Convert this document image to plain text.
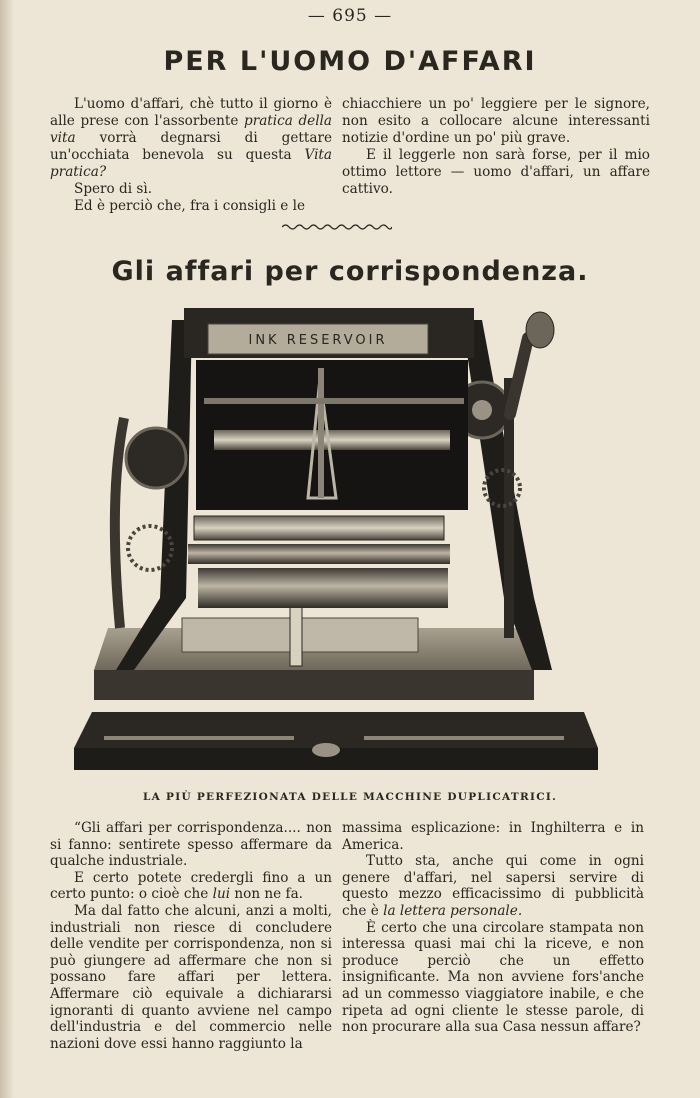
— 695 —
PER L'UOMO D'AFFARI

L'uomo d'affari, chè tutto il giorno è alle prese con l'assorbente pratica della vita vorrà degnarsi di gettare un'occhiata benevola su questa Vita pratica?

Spero di sì.

Ed è perciò che, fra i consigli e le

chiacchiere un po' leggiere per le signore, non esito a collocare alcune interessanti notizie d'ordine un po' più grave.

E il leggerle non sarà forse, per il mio ottimo lettore — uomo d'affari, un affare cattivo.

Gli affari per corrispondenza.
INK RESERVOIR
LA PIÙ PERFEZIONATA DELLE MACCHINE DUPLICATRICI.

“Gli affari per corrispondenza.... non si fanno: sentirete spesso affermare da qualche industriale.

E certo potete credergli fino a un certo punto: o cioè che lui non ne fa.

Ma dal fatto che alcuni, anzi a molti, industriali non riesce di concludere delle vendite per corrispondenza, non si può giungere ad affermare che non si possano fare affari per lettera. Affermare ciò equivale a dichiararsi ignoranti di quanto avviene nel campo dell'industria e del commercio nelle nazioni dove essi hanno raggiunto la

massima esplicazione: in Inghilterra e in America.

Tutto sta, anche qui come in ogni genere d'affari, nel sapersi servire di questo mezzo efficacissimo di pubblicità che è la lettera personale.

È certo che una circolare stampata non interessa quasi mai chi la riceve, e non produce perciò che un effetto insignificante. Ma non avviene fors'anche ad un commesso viaggiatore inabile, e che ripeta ad ogni cliente le stesse parole, di non procurare alla sua Casa nessun affare?
